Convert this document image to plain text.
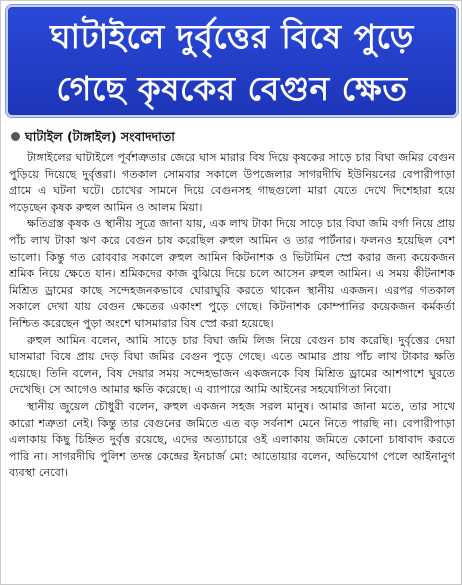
ঘাটাইলে দুর্বৃত্তের বিষে পুড়ে
গেছে কৃষকের বেগুন ক্ষেত
ঘাটাইল (টাঙ্গাইল) সংবাদদাতা

টাঙ্গাইলের ঘাটাইলে পূর্বশত্রুতার জেরে ঘাস মারার বিষ দিয়ে কৃষকের সাড়ে চার বিঘা জমির বেগুন পুড়িয়ে দিয়েছে দুর্বৃত্তরা। গতকাল সোমবার সকালে উপজেলার সাগরদীঘি ইউনিয়নের বেপারীপাড়া গ্রামে এ ঘটনা ঘটে। চোখের সামনে দিয়ে বেগুনসহ গাছগুলো মারা যেতে দেখে দিশেহারা হয়ে পড়েছেন কৃষক রুহুল আমিন ও আলম মিয়া।

ক্ষতিগ্রস্ত কৃষক ও স্থানীয় সূত্রে জানা যায়, এক লাখ টাকা দিয়ে সাড়ে চার বিঘা জমি বর্গা নিয়ে প্রায় পাঁচ লাখ টাকা ঋণ করে বেগুন চাষ করেছিল রুহুল আমিন ও তার পার্টনার। ফলনও হয়েছিল বেশ ভালো। কিন্তু গত রোববার সকালে রুহুল আমিন কিটনাশক ও ভিটামিন স্প্রে করার জন্য কয়েকজন শ্রমিক নিয়ে ক্ষেতে যান। শ্রমিকদের কাজ বুঝিয়ে দিয়ে চলে আসেন রুহুল আমিন। এ সময় কীটনাশক মিশ্রিত ড্রামের কাছে সন্দেহজনকভাবে ঘোরাঘুরি করতে থাকেন স্থানীয় একজন। এরপর গতকাল সকালে দেখা যায় বেগুন ক্ষেতের একাংশ পুড়ে গেছে। কিটনাশক কোম্পানির কয়েকজন কর্মকর্তা নিশ্চিত করেছেন পুড়া অংশে ঘাসমারার বিষ স্প্রে করা হয়েছে।

রুহুল আমিন বলেন, আমি সাড়ে চার বিঘা জমি লিজ নিয়ে বেগুন চাষ করেছি। দুর্বৃত্তের দেয়া ঘাসমারা বিষে প্রায় দেড় বিঘা জমির বেগুন পুড়ে গেছে। এতে আমার প্রায় পাঁচ লাখ টাকার ক্ষতি হয়েছে। তিনি বলেন, বিষ দেয়ার সময় সন্দেহভাজন একজনকে বিষ মিশ্রিত ড্রামের আশপাশে ঘুরতে দেখেছি। সে আগেও আমার ক্ষতি করেছে। এ ব্যাপারে আমি আইনের সহযোগিতা নিবো।

স্থানীয় জুয়েল চৌধুরী বলেন, রুহুল একজন সহজ সরল মানুষ। আমার জানা মতে, তার সাথে কারো শত্রুতা নেই। কিন্তু তার বেগুনের জমিতে এত বড় সর্বনাশ মেনে নিতে পারছি না। বেপারীপাড়া এলাকায় কিছু চিহ্নিত দুর্বৃত্ত রয়েছে, এদের অত্যাচারে ওই এলাকায় জমিতে কোনো চাষাবাদ করতে পারি না। সাগরদীঘি পুলিশ তদন্ত কেন্দ্রের ইনচার্জ মো: আতোয়ার বলেন, অভিযোগ পেলে আইনানুগ ব্যবস্থা নেবো।
